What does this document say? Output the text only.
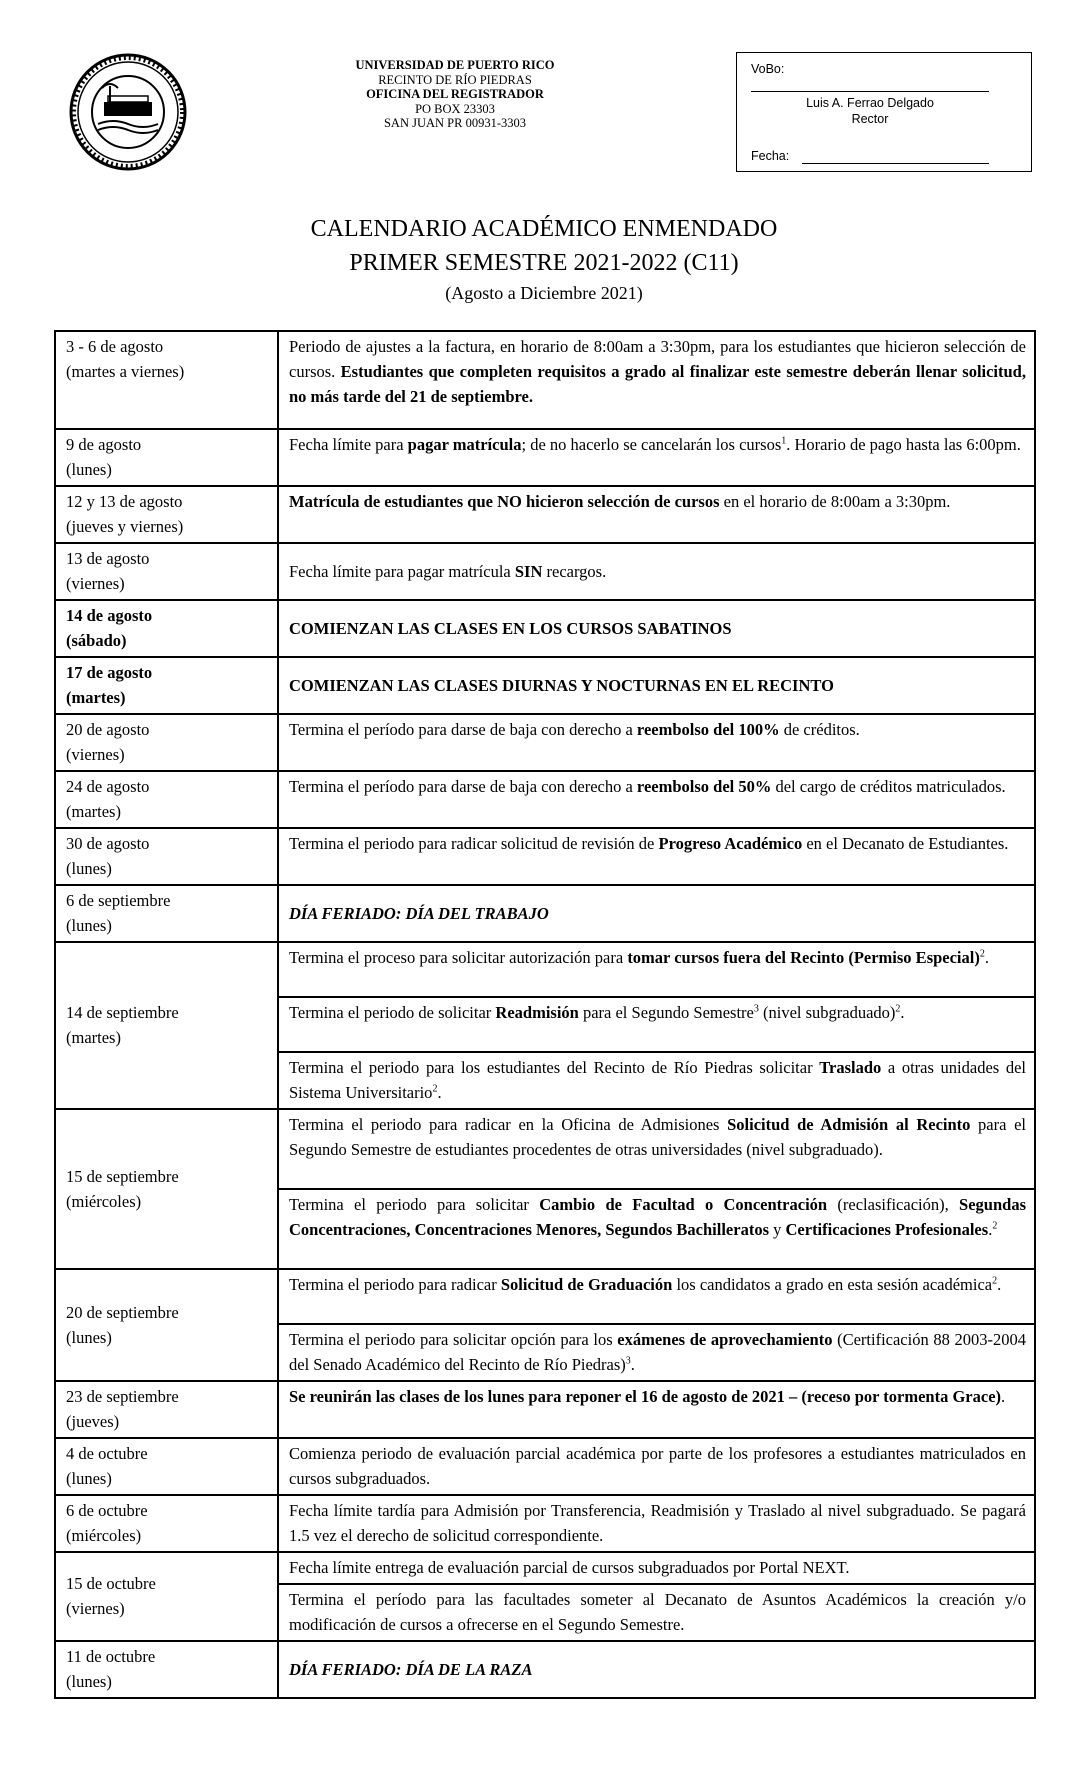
UNIVERSIDAD DE PUERTO RICO
RECINTO DE RÍO PIEDRAS
OFICINA DEL REGISTRADOR
PO BOX 23303
SAN JUAN PR 00931-3303
VoBo:
Luis A. Ferrao Delgado
Rector
Fecha:
CALENDARIO ACADÉMICO ENMENDADO
PRIMER SEMESTRE 2021-2022 (C11)
(Agosto a Diciembre 2021)
3 - 6 de agosto
(martes a viernes)	Periodo de ajustes a la factura, en horario de 8:00am a 3:30pm, para los estudiantes que hicieron selección de cursos. Estudiantes que completen requisitos a grado al finalizar este semestre deberán llenar solicitud, no más tarde del 21 de septiembre.

9 de agosto
(lunes)	Fecha límite para pagar matrícula; de no hacerlo se cancelarán los cursos$^1$. Horario de pago hasta las 6:00pm.

12 y 13 de agosto
(jueves y viernes)	Matrícula de estudiantes que NO hicieron selección de cursos en el horario de 8:00am a 3:30pm.

13 de agosto
(viernes)	Fecha límite para pagar matrícula SIN recargos.

14 de agosto
(sábado)	COMIENZAN LAS CLASES EN LOS CURSOS SABATINOS

17 de agosto
(martes)	COMIENZAN LAS CLASES DIURNAS Y NOCTURNAS EN EL RECINTO

20 de agosto
(viernes)	Termina el período para darse de baja con derecho a reembolso del 100% de créditos.

24 de agosto
(martes)	Termina el período para darse de baja con derecho a reembolso del 50% del cargo de créditos matriculados.

30 de agosto
(lunes)	Termina el periodo para radicar solicitud de revisión de Progreso Académico en el Decanato de Estudiantes.

6 de septiembre
(lunes)	DÍA FERIADO: DÍA DEL TRABAJO

14 de septiembre
(martes)	Termina el proceso para solicitar autorización para tomar cursos fuera del Recinto (Permiso Especial)$^2$.
	Termina el periodo de solicitar Readmisión para el Segundo Semestre$^3$ (nivel subgraduado)$^2$.
	Termina el periodo para los estudiantes del Recinto de Río Piedras solicitar Traslado a otras unidades del Sistema Universitario$^2$.

15 de septiembre
(miércoles)	Termina el periodo para radicar en la Oficina de Admisiones Solicitud de Admisión al Recinto para el Segundo Semestre de estudiantes procedentes de otras universidades (nivel subgraduado).
	Termina el periodo para solicitar Cambio de Facultad o Concentración (reclasificación), Segundas Concentraciones, Concentraciones Menores, Segundos Bachilleratos y Certificaciones Profesionales.$^2$

20 de septiembre
(lunes)	Termina el periodo para radicar Solicitud de Graduación los candidatos a grado en esta sesión académica$^2$.
	Termina el periodo para solicitar opción para los exámenes de aprovechamiento (Certificación 88 2003-2004 del Senado Académico del Recinto de Río Piedras)$^3$.

23 de septiembre
(jueves)	Se reunirán las clases de los lunes para reponer el 16 de agosto de 2021 – (receso por tormenta Grace).

4 de octubre
(lunes)	Comienza periodo de evaluación parcial académica por parte de los profesores a estudiantes matriculados en cursos subgraduados.

6 de octubre
(miércoles)	Fecha límite tardía para Admisión por Transferencia, Readmisión y Traslado al nivel subgraduado. Se pagará 1.5 vez el derecho de solicitud correspondiente.

15 de octubre
(viernes)	Fecha límite entrega de evaluación parcial de cursos subgraduados por Portal NEXT.
	Termina el período para las facultades someter al Decanato de Asuntos Académicos la creación y/o modificación de cursos a ofrecerse en el Segundo Semestre.

11 de octubre
(lunes)	DÍA FERIADO: DÍA DE LA RAZA
